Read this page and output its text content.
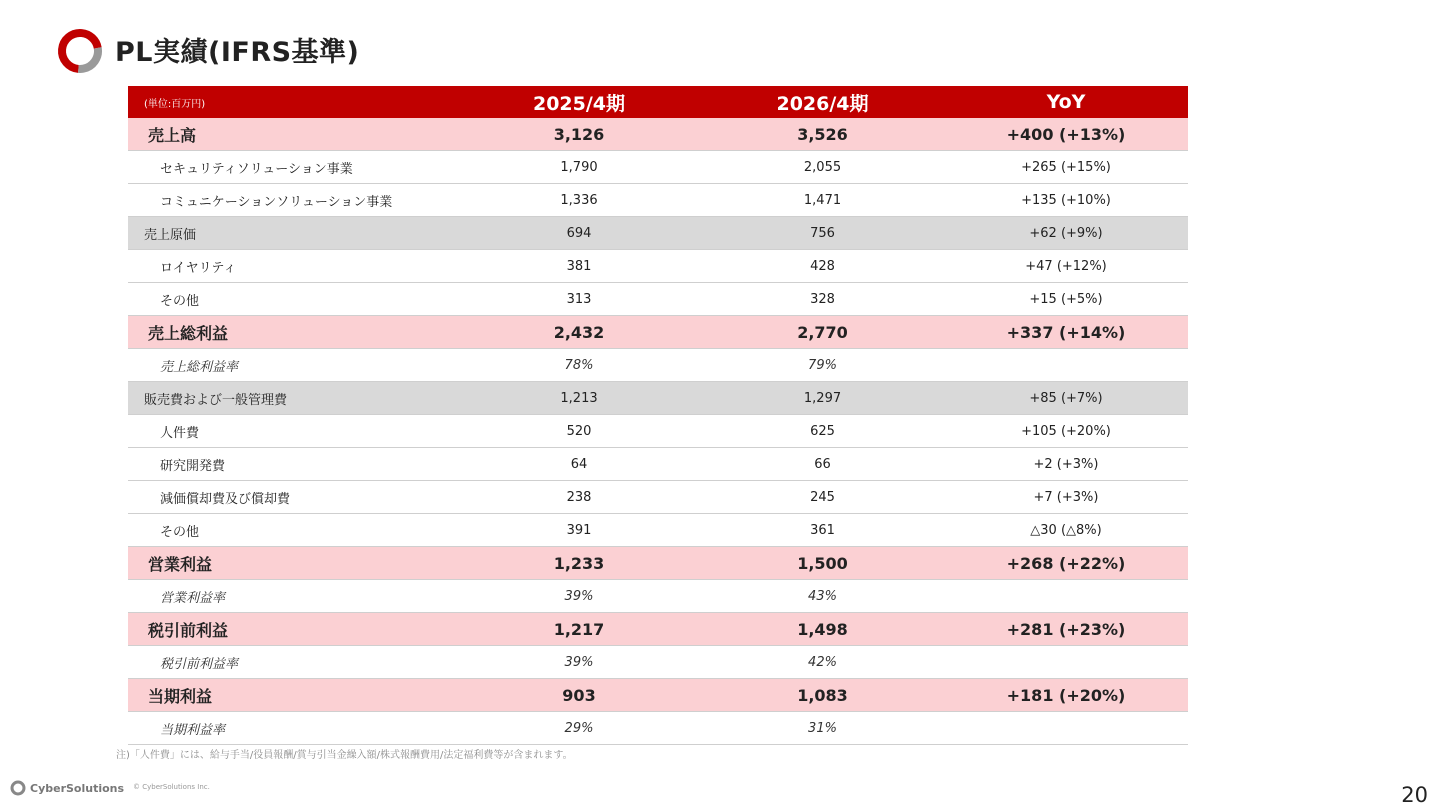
PL実績(IFRS基準)
(単位:百万円)	2025/4期	2026/4期	YoY
売上高	3,126	3,526	+400 (+13%)
セキュリティソリューション事業	1,790	2,055	+265 (+15%)
コミュニケーションソリューション事業	1,336	1,471	+135 (+10%)
売上原価	694	756	+62 (+9%)
ロイヤリティ	381	428	+47 (+12%)
その他	313	328	+15 (+5%)
売上総利益	2,432	2,770	+337 (+14%)
売上総利益率	78%	79%	
販売費および一般管理費	1,213	1,297	+85 (+7%)
人件費	520	625	+105 (+20%)
研究開発費	64	66	+2 (+3%)
減価償却費及び償却費	238	245	+7 (+3%)
その他	391	361	△30 (△8%)
営業利益	1,233	1,500	+268 (+22%)
営業利益率	39%	43%	
税引前利益	1,217	1,498	+281 (+23%)
税引前利益率	39%	42%	
当期利益	903	1,083	+181 (+20%)
当期利益率	29%	31%	
注)「人件費」には、給与手当/役員報酬/賞与引当金繰入額/株式報酬費用/法定福利費等が含まれます。
CyberSolutions © CyberSolutions Inc.	20
